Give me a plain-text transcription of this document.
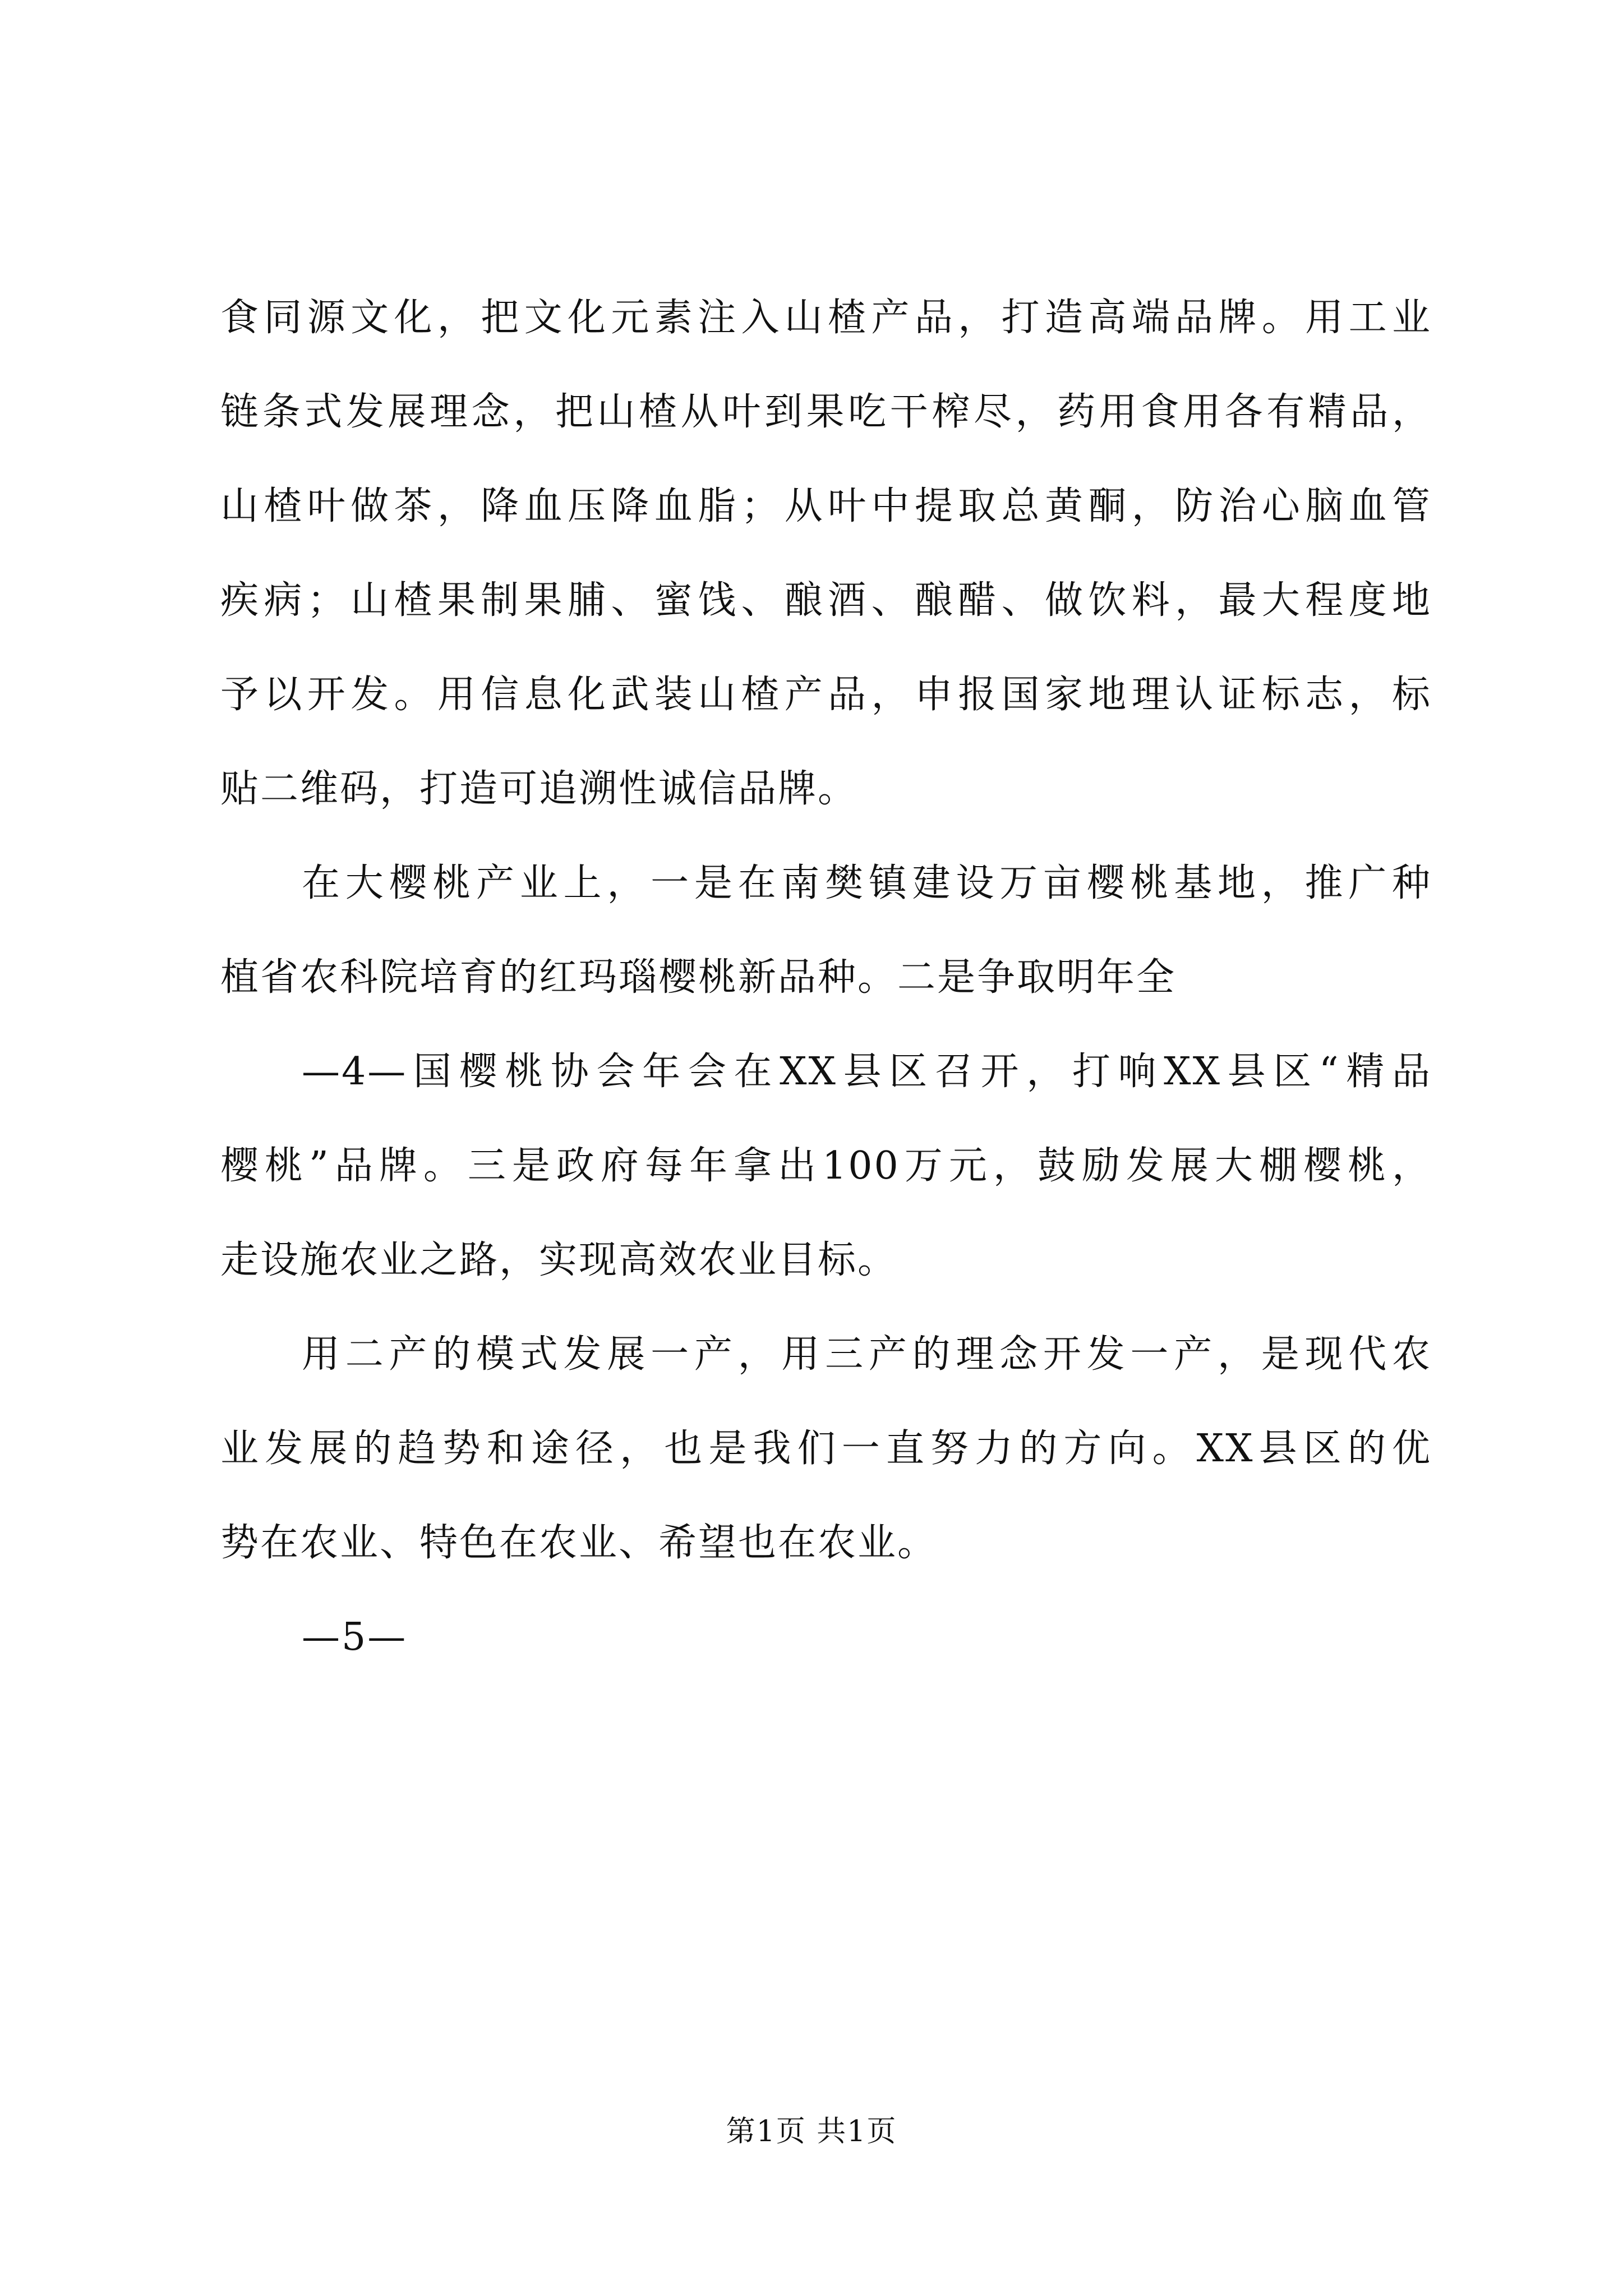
食同源文化，把文化元素注入山楂产品，打造高端品牌。用工业
链条式发展理念，把山楂从叶到果吃干榨尽，药用食用各有精品，
山楂叶做茶，降血压降血脂；从叶中提取总黄酮，防治心脑血管
疾病；山楂果制果脯、蜜饯、酿酒、酿醋、做饮料，最大程度地
予以开发。用信息化武装山楂产品，申报国家地理认证标志，标
贴二维码，打造可追溯性诚信品牌。
在大樱桃产业上，一是在南樊镇建设万亩樱桃基地，推广种
植省农科院培育的红玛瑙樱桃新品种。二是争取明年全
—4—国樱桃协会年会在XX县区召开，打响XX县区“精品
樱桃”品牌。三是政府每年拿出100万元，鼓励发展大棚樱桃，
走设施农业之路，实现高效农业目标。
用二产的模式发展一产，用三产的理念开发一产，是现代农
业发展的趋势和途径，也是我们一直努力的方向。XX县区的优
势在农业、特色在农业、希望也在农业。
—5—
第1页 共1页
